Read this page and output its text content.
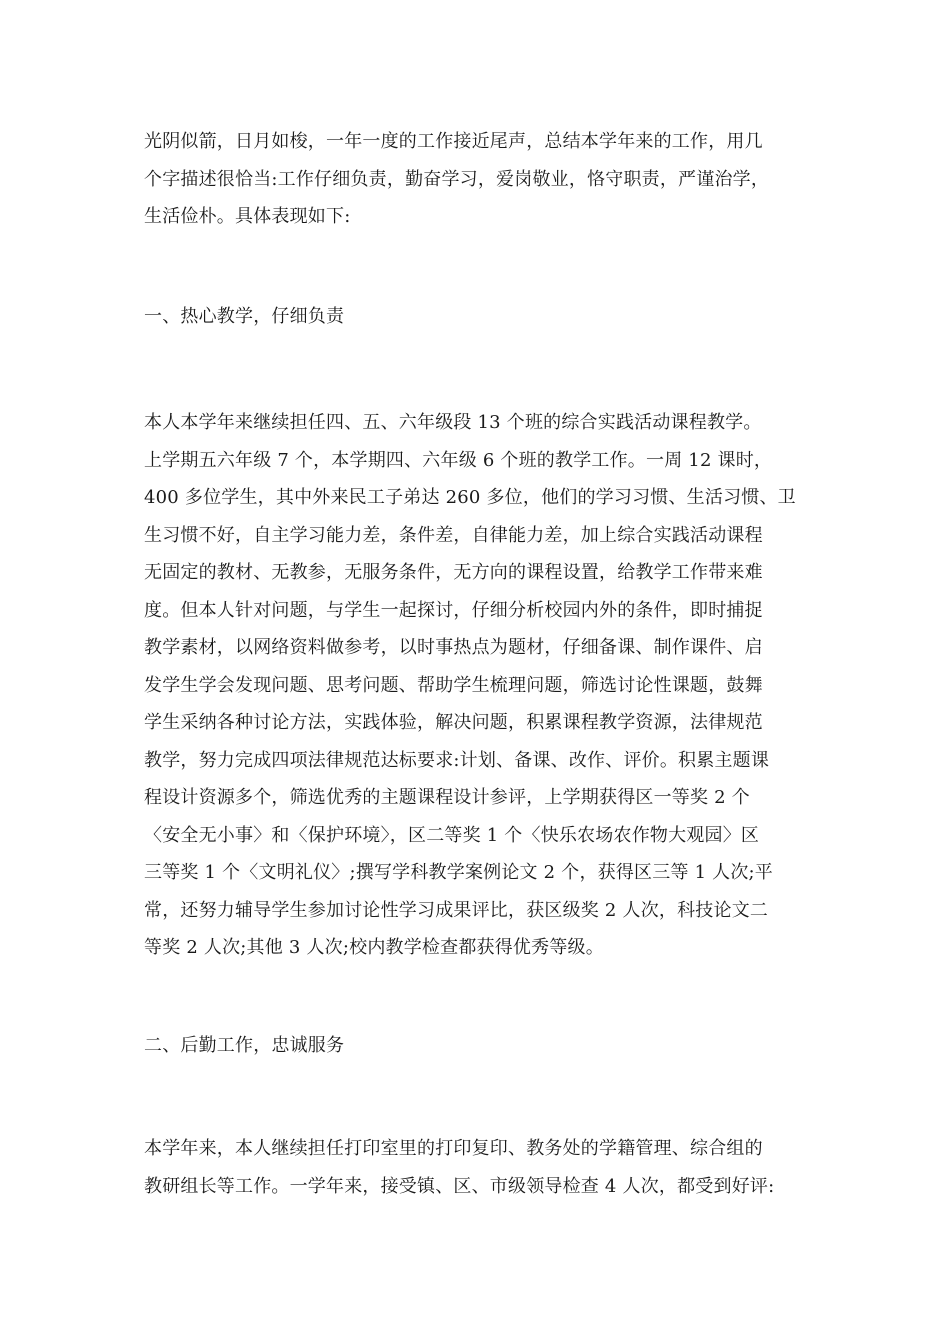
光阴似箭，日月如梭，一年一度的工作接近尾声，总结本学年来的工作，用几
个字描述很恰当:工作仔细负责，勤奋学习，爱岗敬业，恪守职责，严谨治学，
生活俭朴。具体表现如下:
一、热心教学，仔细负责
本人本学年来继续担任四、五、六年级段 13 个班的综合实践活动课程教学。
上学期五六年级 7 个，本学期四、六年级 6 个班的教学工作。一周 12 课时，
400 多位学生，其中外来民工子弟达 260 多位，他们的学习习惯、生活习惯、卫
生习惯不好，自主学习能力差，条件差，自律能力差，加上综合实践活动课程
无固定的教材、无教参，无服务条件，无方向的课程设置，给教学工作带来难
度。但本人针对问题，与学生一起探讨，仔细分析校园内外的条件，即时捕捉
教学素材，以网络资料做参考，以时事热点为题材，仔细备课、制作课件、启
发学生学会发现问题、思考问题、帮助学生梳理问题，筛选讨论性课题，鼓舞
学生采纳各种讨论方法，实践体验，解决问题，积累课程教学资源，法律规范
教学，努力完成四项法律规范达标要求:计划、备课、改作、评价。积累主题课
程设计资源多个，筛选优秀的主题课程设计参评，上学期获得区一等奖 2 个
〈安全无小事〉和〈保护环境〉，区二等奖 1 个〈快乐农场农作物大观园〉区
三等奖 1 个〈文明礼仪〉;撰写学科教学案例论文 2 个，获得区三等 1 人次;平
常，还努力辅导学生参加讨论性学习成果评比，获区级奖 2 人次，科技论文二
等奖 2 人次;其他 3 人次;校内教学检查都获得优秀等级。
二、后勤工作，忠诚服务
本学年来，本人继续担任打印室里的打印复印、教务处的学籍管理、综合组的
教研组长等工作。一学年来，接受镇、区、市级领导检查 4 人次，都受到好评:
